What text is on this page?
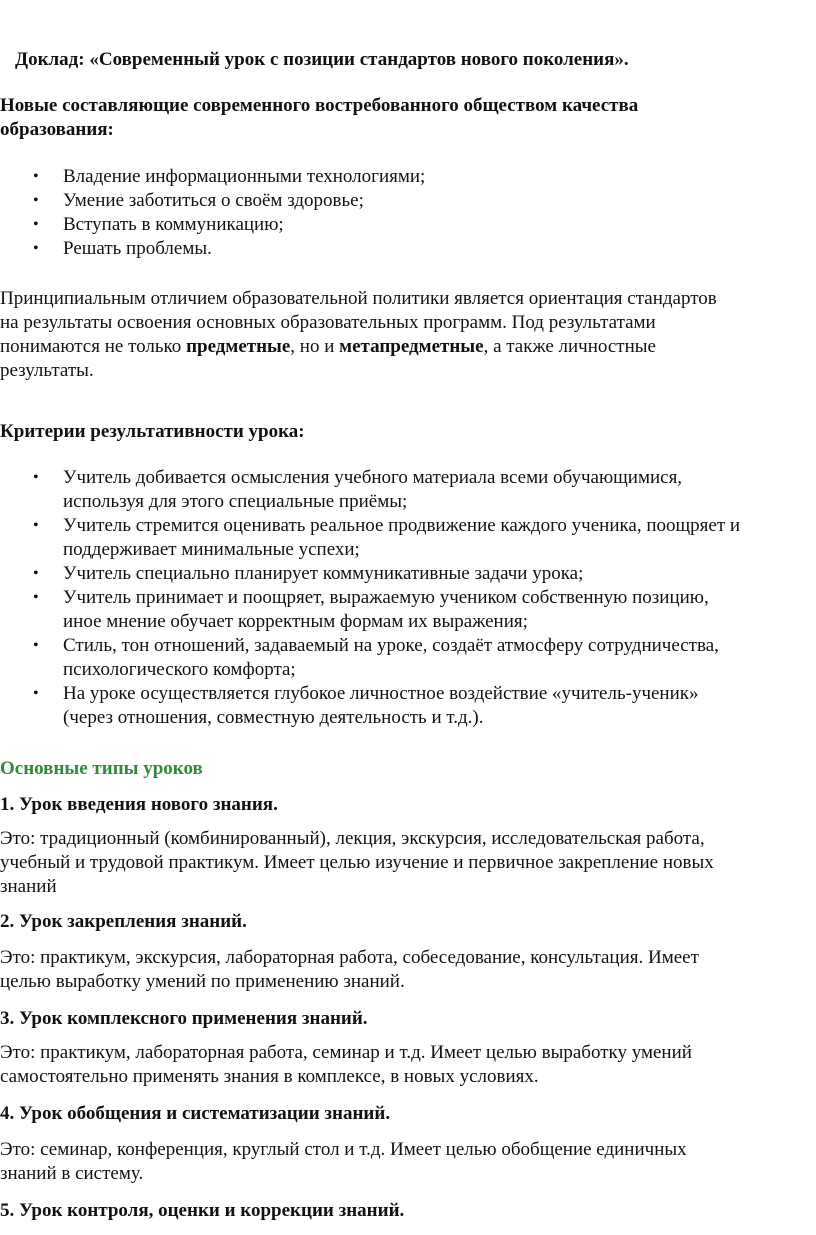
Доклад: «Современный урок с позиции стандартов нового поколения».
Новые составляющие современного востребованного обществом качества
образования:
• Владение информационными технологиями;
• Умение заботиться о своём здоровье;
• Вступать в коммуникацию;
• Решать проблемы.
Принципиальным отличием образовательной политики является ориентация стандартов
на результаты освоения основных образовательных программ. Под результатами
понимаются не только предметные, но и метапредметные, а также личностные
результаты.
Критерии результативности урока:
• Учитель добивается осмысления учебного материала всеми обучающимися,
используя для этого специальные приёмы;
• Учитель стремится оценивать реальное продвижение каждого ученика, поощряет и
поддерживает минимальные успехи;
• Учитель специально планирует коммуникативные задачи урока;
• Учитель принимает и поощряет, выражаемую учеником собственную позицию,
иное мнение обучает корректным формам их выражения;
• Стиль, тон отношений, задаваемый на уроке, создаёт атмосферу сотрудничества,
психологического комфорта;
• На уроке осуществляется глубокое личностное воздействие «учитель-ученик»
(через отношения, совместную деятельность и т.д.).
Основные типы уроков
1. Урок введения нового знания.
Это: традиционный (комбинированный), лекция, экскурсия, исследовательская работа,
учебный и трудовой практикум. Имеет целью изучение и первичное закрепление новых
знаний
2. Урок закрепления знаний.
Это: практикум, экскурсия, лабораторная работа, собеседование, консультация. Имеет
целью выработку умений по применению знаний.
3. Урок комплексного применения знаний.
Это: практикум, лабораторная работа, семинар и т.д. Имеет целью выработку умений
самостоятельно применять знания в комплексе, в новых условиях.
4. Урок обобщения и систематизации знаний.
Это: семинар, конференция, круглый стол и т.д. Имеет целью обобщение единичных
знаний в систему.
5. Урок контроля, оценки и коррекции знаний.
